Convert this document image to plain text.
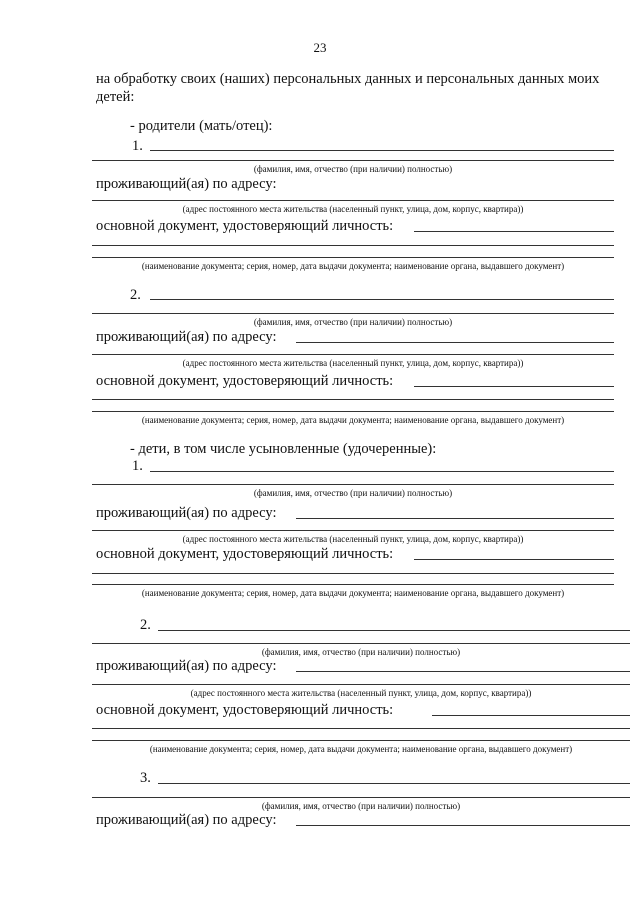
23
на обработку своих (наших) персональных данных и персональных данных моих детей:
- родители (мать/отец):
1.
(фамилия, имя, отчество (при наличии) полностью)
проживающий(ая) по адресу:
(адрес постоянного места жительства (населенный пункт, улица, дом, корпус, квартира))
основной документ, удостоверяющий личность:
(наименование документа; серия, номер, дата выдачи документа; наименование органа, выдавшего документ)
2.
(фамилия, имя, отчество (при наличии) полностью)
проживающий(ая) по адресу:
(адрес постоянного места жительства (населенный пункт, улица, дом, корпус, квартира))
основной документ, удостоверяющий личность:
(наименование документа; серия, номер, дата выдачи документа; наименование органа, выдавшего документ)
- дети, в том числе усыновленные (удочеренные):
1.
(фамилия, имя, отчество (при наличии) полностью)
проживающий(ая) по адресу:
(адрес постоянного места жительства (населенный пункт, улица, дом, корпус, квартира))
основной документ, удостоверяющий личность:
(наименование документа; серия, номер, дата выдачи документа; наименование органа, выдавшего документ)
2.
(фамилия, имя, отчество (при наличии) полностью)
проживающий(ая) по адресу:
(адрес постоянного места жительства (населенный пункт, улица, дом, корпус, квартира))
основной документ, удостоверяющий личность:
(наименование документа; серия, номер, дата выдачи документа; наименование органа, выдавшего документ)
3.
(фамилия, имя, отчество (при наличии) полностью)
проживающий(ая) по адресу:
